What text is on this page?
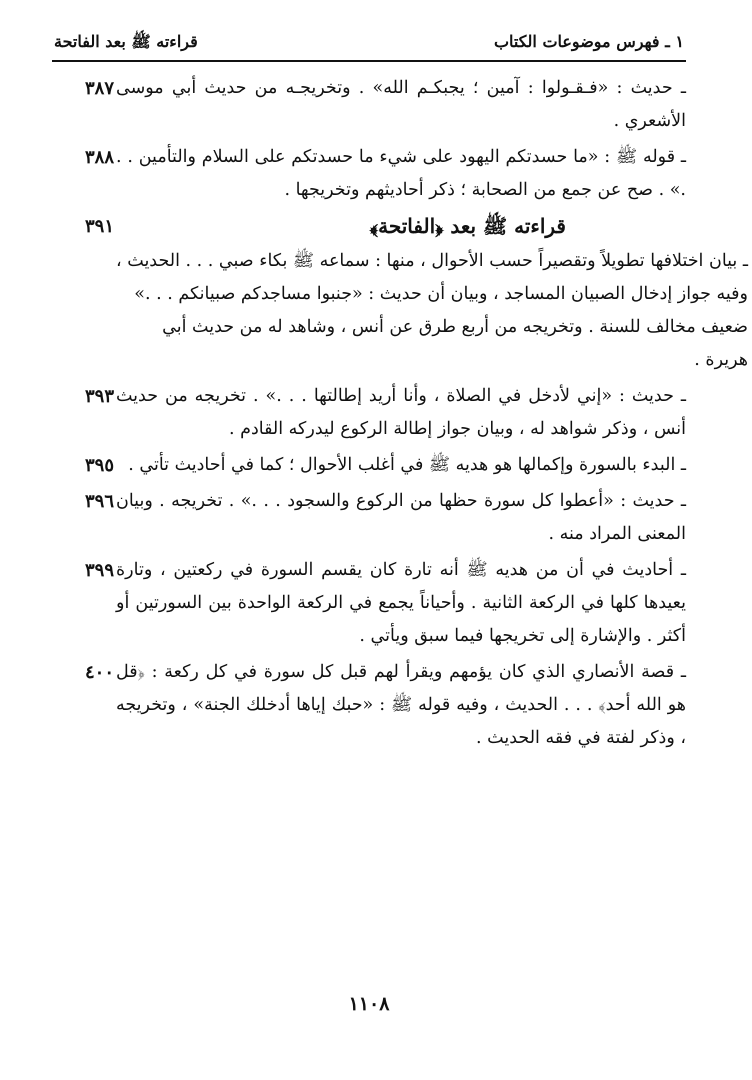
١ ـ فهرس موضوعات الكتاب
قراءته ﷺ بعد الفاتحة
ـ حديث : «فـقـولوا : آمين ؛ يجبكـم الله» . وتخريجـه من حديث أبي موسى الأشعري .
٣٨٧
ـ قوله ﷺ : «ما حسدتكم اليهود على شيء ما حسدتكم على السلام والتأمين . . .» . صح عن جمع من الصحابة ؛ ذكر أحاديثهم وتخريجها .
٣٨٨
قراءته ﷺ بعد ﴿الفاتحة﴾
ـ بيان اختلافها تطويلاً وتقصيراً حسب الأحوال ، منها : سماعه ﷺ بكاء صبي . . . الحديث ، وفيه جواز إدخال الصبيان المساجد ، وبيان أن حديث : «جنبوا مساجدكم صبيانكم . . .» ضعيف مخالف للسنة . وتخريجه من أربع طرق عن أنس ، وشاهد له من حديث أبي هريرة .
٣٩١
ـ حديث : «إني لأدخل في الصلاة ، وأنا أريد إطالتها . . .» . تخريجه من حديث أنس ، وذكر شواهد له ، وبيان جواز إطالة الركوع ليدركه القادم .
٣٩٣
ـ البدء بالسورة وإكمالها هو هديه ﷺ في أغلب الأحوال ؛ كما في أحاديث تأتي .
٣٩٥
ـ حديث : «أعطوا كل سورة حظها من الركوع والسجود . . .» . تخريجه . وبيان المعنى المراد منه .
٣٩٦
ـ أحاديث في أن من هديه ﷺ أنه تارة كان يقسم السورة في ركعتين ، وتارة يعيدها كلها في الركعة الثانية . وأحياناً يجمع في الركعة الواحدة بين السورتين أو أكثر . والإشارة إلى تخريجها فيما سبق ويأتي .
٣٩٩
ـ قصة الأنصاري الذي كان يؤمهم ويقرأ لهم قبل كل سورة في كل ركعة : ﴿قل هو الله أحد﴾ . . . الحديث ، وفيه قوله ﷺ : «حبك إياها أدخلك الجنة» ، وتخريجه ، وذكر لفتة في فقه الحديث .
٤٠٠
١١٠٨
